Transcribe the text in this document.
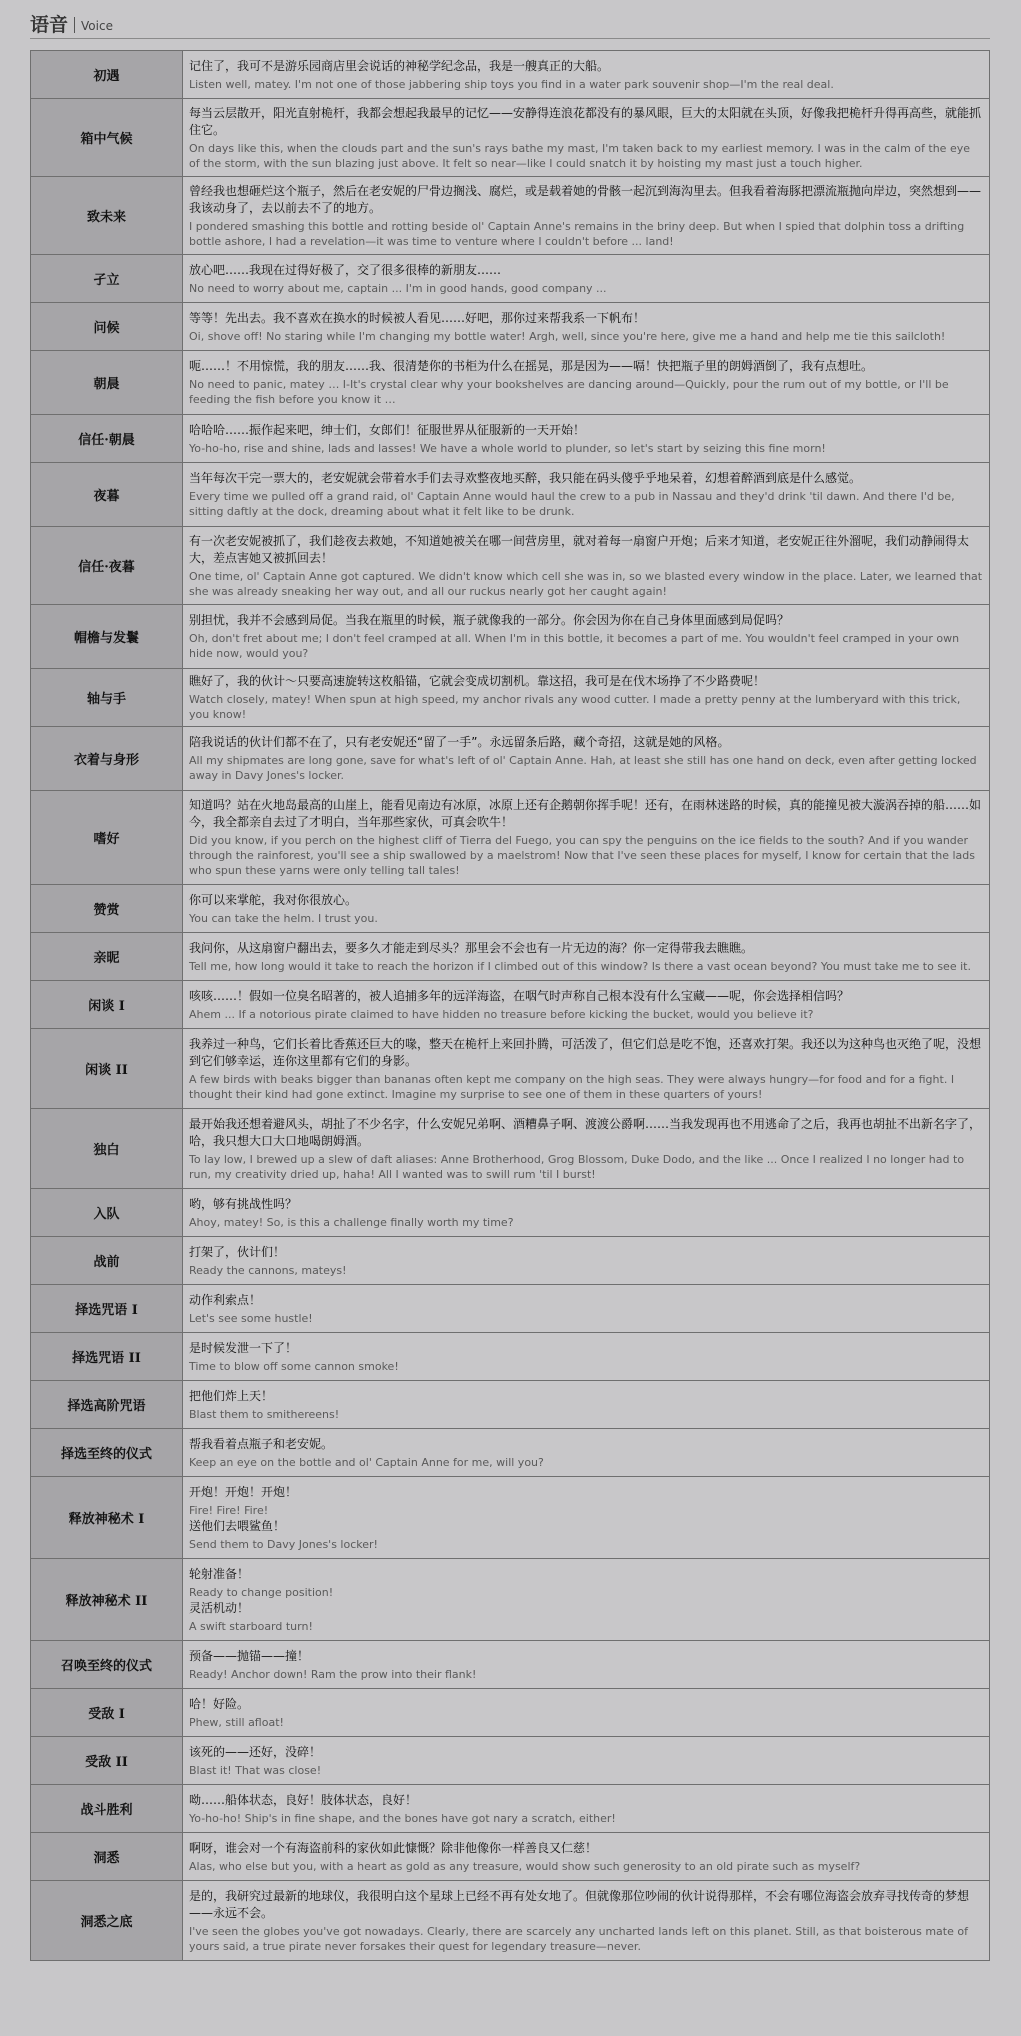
语音 Voice
初遇	记住了，我可不是游乐园商店里会说话的神秘学纪念品，我是一艘真正的大船。
Listen well, matey. I'm not one of those jabbering ship toys you find in a water park souvenir shop—I'm the real deal.

箱中气候	每当云层散开，阳光直射桅杆，我都会想起我最早的记忆——安静得连浪花都没有的暴风眼，巨大的太阳就在头顶，好像我把桅杆升得再高些，就能抓住它。
On days like this, when the clouds part and the sun's rays bathe my mast, I'm taken back to my earliest memory. I was in the calm of the eye of the storm, with the sun blazing just above. It felt so near—like I could snatch it by hoisting my mast just a touch higher.

致未来	曾经我也想砸烂这个瓶子，然后在老安妮的尸骨边搁浅、腐烂，或是载着她的骨骸一起沉到海沟里去。但我看着海豚把漂流瓶抛向岸边，突然想到——我该动身了，去以前去不了的地方。
I pondered smashing this bottle and rotting beside ol' Captain Anne's remains in the briny deep. But when I spied that dolphin toss a drifting bottle ashore, I had a revelation—it was time to venture where I couldn't before ... land!

孑立	放心吧……我现在过得好极了，交了很多很棒的新朋友……
No need to worry about me, captain ... I'm in good hands, good company ...

问候	等等！先出去。我不喜欢在换水的时候被人看见……好吧，那你过来帮我系一下帆布！
Oi, shove off! No staring while I'm changing my bottle water! Argh, well, since you're here, give me a hand and help me tie this sailcloth!

朝晨	呃……！不用惊慌，我的朋友……我、很清楚你的书柜为什么在摇晃，那是因为——嗝！快把瓶子里的朗姆酒倒了，我有点想吐。
No need to panic, matey … I-It's crystal clear why your bookshelves are dancing around—Quickly, pour the rum out of my bottle, or I'll be feeding the fish before you know it …

信任·朝晨	哈哈哈……振作起来吧，绅士们，女郎们！征服世界从征服新的一天开始！
Yo-ho-ho, rise and shine, lads and lasses! We have a whole world to plunder, so let's start by seizing this fine morn!

夜暮	当年每次干完一票大的，老安妮就会带着水手们去寻欢整夜地买醉，我只能在码头傻乎乎地呆着，幻想着醉酒到底是什么感觉。
Every time we pulled off a grand raid, ol' Captain Anne would haul the crew to a pub in Nassau and they'd drink 'til dawn. And there I'd be, sitting daftly at the dock, dreaming about what it felt like to be drunk.

信任·夜暮	有一次老安妮被抓了，我们趁夜去救她，不知道她被关在哪一间营房里，就对着每一扇窗户开炮；后来才知道，老安妮正往外溜呢，我们动静闹得太大，差点害她又被抓回去！
One time, ol' Captain Anne got captured. We didn't know which cell she was in, so we blasted every window in the place. Later, we learned that she was already sneaking her way out, and all our ruckus nearly got her caught again!

帽檐与发鬟	别担忧，我并不会感到局促。当我在瓶里的时候，瓶子就像我的一部分。你会因为你在自己身体里面感到局促吗？
Oh, don't fret about me; I don't feel cramped at all. When I'm in this bottle, it becomes a part of me. You wouldn't feel cramped in your own hide now, would you?

轴与手	瞧好了，我的伙计～只要高速旋转这枚船锚，它就会变成切割机。靠这招，我可是在伐木场挣了不少路费呢！
Watch closely, matey! When spun at high speed, my anchor rivals any wood cutter. I made a pretty penny at the lumberyard with this trick, you know!

衣着与身形	陪我说话的伙计们都不在了，只有老安妮还“留了一手”。永远留条后路，藏个奇招，这就是她的风格。
All my shipmates are long gone, save for what's left of ol' Captain Anne. Hah, at least she still has one hand on deck, even after getting locked away in Davy Jones's locker.

嗜好	知道吗？站在火地岛最高的山崖上，能看见南边有冰原，冰原上还有企鹅朝你挥手呢！还有，在雨林迷路的时候，真的能撞见被大漩涡吞掉的船……如今，我全都亲自去过了才明白，当年那些家伙，可真会吹牛！
Did you know, if you perch on the highest cliff of Tierra del Fuego, you can spy the penguins on the ice fields to the south? And if you wander through the rainforest, you'll see a ship swallowed by a maelstrom! Now that I've seen these places for myself, I know for certain that the lads who spun these yarns were only telling tall tales!

赞赏	你可以来掌舵，我对你很放心。
You can take the helm. I trust you.

亲昵	我问你，从这扇窗户翻出去，要多久才能走到尽头？那里会不会也有一片无边的海？你一定得带我去瞧瞧。
Tell me, how long would it take to reach the horizon if I climbed out of this window? Is there a vast ocean beyond? You must take me to see it.

闲谈 I	咳咳……！假如一位臭名昭著的，被人追捕多年的远洋海盗，在咽气时声称自己根本没有什么宝藏——呢，你会选择相信吗？
Ahem ... If a notorious pirate claimed to have hidden no treasure before kicking the bucket, would you believe it?

闲谈 II	我养过一种鸟，它们长着比香蕉还巨大的喙，整天在桅杆上来回扑腾，可活泼了，但它们总是吃不饱，还喜欢打架。我还以为这种鸟也灭绝了呢，没想到它们够幸运，连你这里都有它们的身影。
A few birds with beaks bigger than bananas often kept me company on the high seas. They were always hungry—for food and for a fight. I thought their kind had gone extinct. Imagine my surprise to see one of them in these quarters of yours!

独白	最开始我还想着避风头，胡扯了不少名字，什么安妮兄弟啊、酒糟鼻子啊、渡渡公爵啊……当我发现再也不用逃命了之后，我再也胡扯不出新名字了，哈，我只想大口大口地喝朗姆酒。
To lay low, I brewed up a slew of daft aliases: Anne Brotherhood, Grog Blossom, Duke Dodo, and the like ... Once I realized I no longer had to run, my creativity dried up, haha! All I wanted was to swill rum 'til I burst!

入队	哟，够有挑战性吗？
Ahoy, matey! So, is this a challenge finally worth my time?

战前	打架了，伙计们！
Ready the cannons, mateys!

择选咒语 I	动作利索点！
Let's see some hustle!

择选咒语 II	是时候发泄一下了！
Time to blow off some cannon smoke!

择选高阶咒语	把他们炸上天！
Blast them to smithereens!

择选至终的仪式	帮我看着点瓶子和老安妮。
Keep an eye on the bottle and ol' Captain Anne for me, will you?

释放神秘术 I	开炮！开炮！开炮！
Fire! Fire! Fire!
送他们去喂鲨鱼！
Send them to Davy Jones's locker!

释放神秘术 II	轮射准备！
Ready to change position!
灵活机动！
A swift starboard turn!

召唤至终的仪式	预备——抛锚——撞！
Ready! Anchor down! Ram the prow into their flank!

受敌 I	哈！好险。
Phew, still afloat!

受敌 II	该死的——还好，没碎！
Blast it! That was close!

战斗胜利	呦……船体状态，良好！肢体状态，良好！
Yo-ho-ho! Ship's in fine shape, and the bones have got nary a scratch, either!

洞悉	啊呀，谁会对一个有海盗前科的家伙如此慷慨？除非他像你一样善良又仁慈！
Alas, who else but you, with a heart as gold as any treasure, would show such generosity to an old pirate such as myself?

洞悉之底	是的，我研究过最新的地球仪，我很明白这个星球上已经不再有处女地了。但就像那位吵闹的伙计说得那样，不会有哪位海盗会放弃寻找传奇的梦想——永远不会。
I've seen the globes you've got nowadays. Clearly, there are scarcely any uncharted lands left on this planet. Still, as that boisterous mate of yours said, a true pirate never forsakes their quest for legendary treasure—never.
